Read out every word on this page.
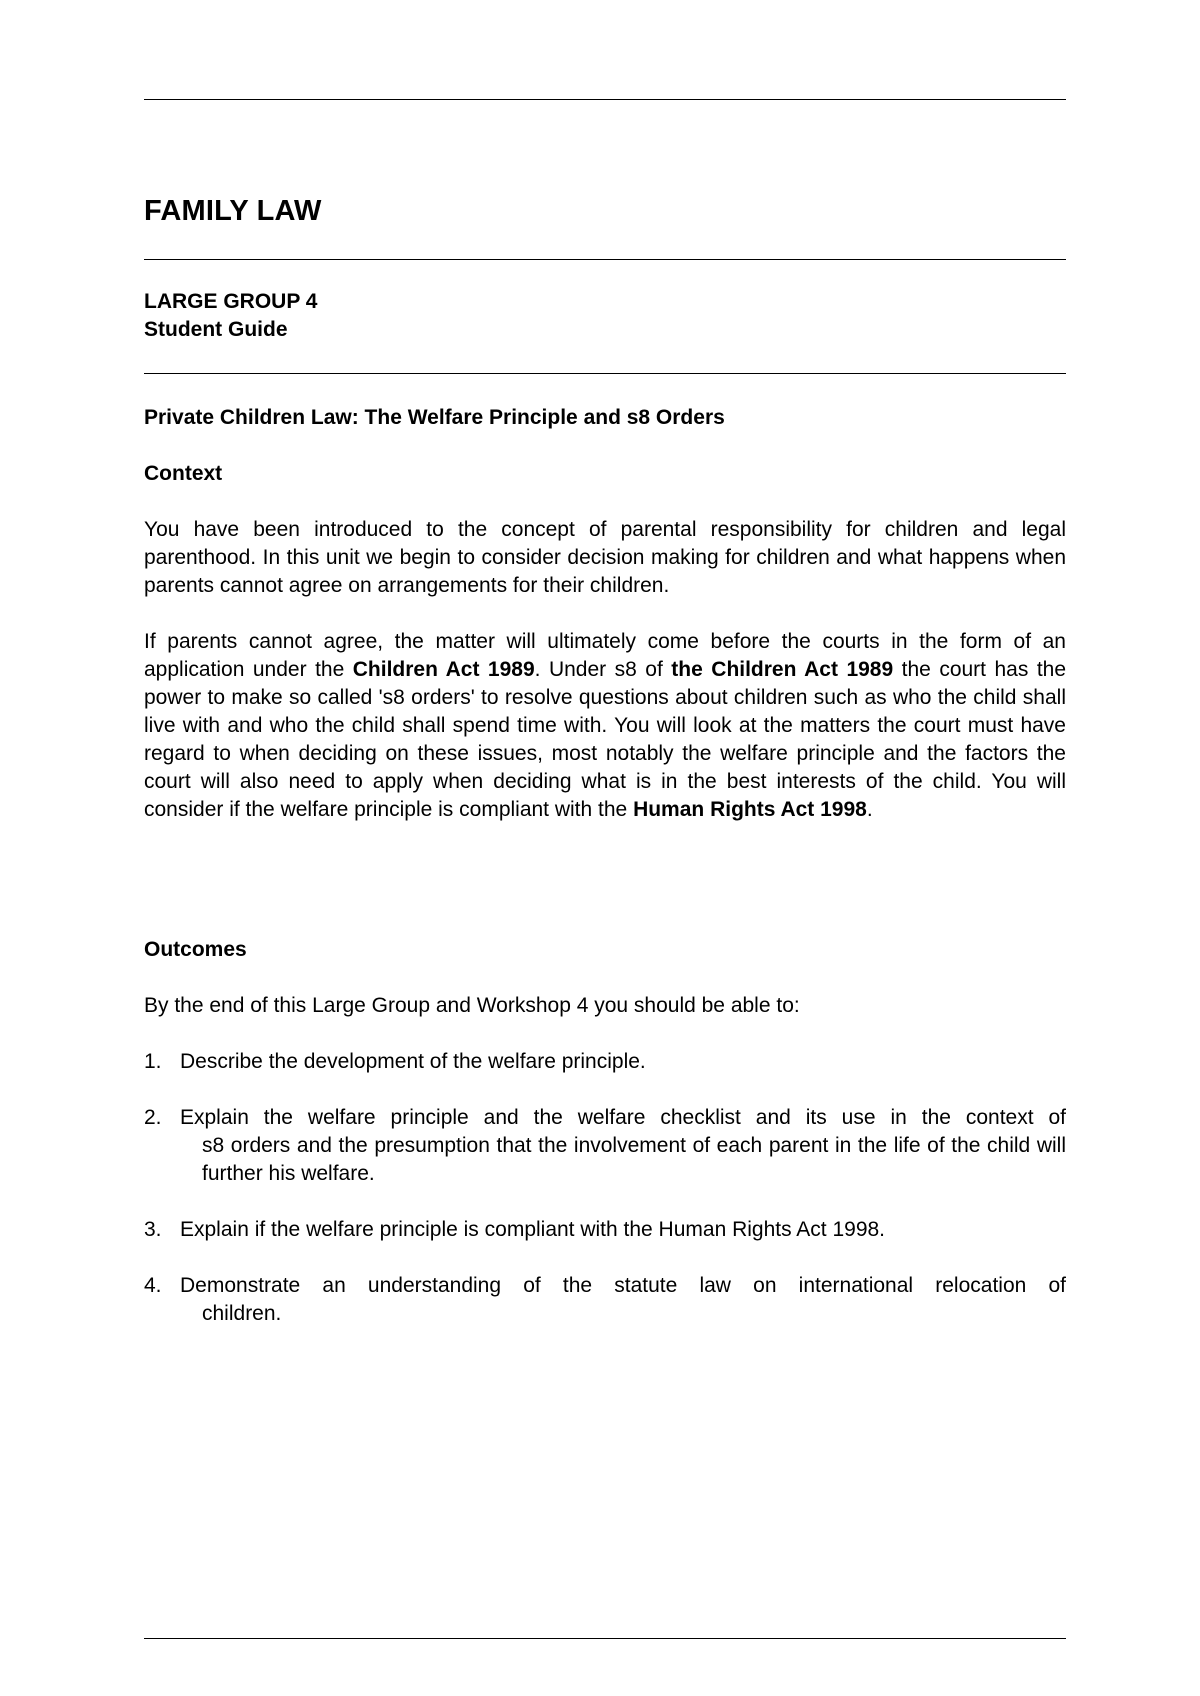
FAMILY LAW
LARGE GROUP 4
Student Guide
Private Children Law: The Welfare Principle and s8 Orders
Context
You have been introduced to the concept of parental responsibility for children and legal parenthood. In this unit we begin to consider decision making for children and what happens when parents cannot agree on arrangements for their children.
If parents cannot agree, the matter will ultimately come before the courts in the form of an application under the Children Act 1989. Under s8 of the Children Act 1989 the court has the power to make so called 's8 orders' to resolve questions about children such as who the child shall live with and who the child shall spend time with. You will look at the matters the court must have regard to when deciding on these issues, most notably the welfare principle and the factors the court will also need to apply when deciding what is in the best interests of the child. You will consider if the welfare principle is compliant with the Human Rights Act 1998.
Outcomes
By the end of this Large Group and Workshop 4 you should be able to:
1. Describe the development of the welfare principle.
2. Explain the welfare principle and the welfare checklist and its use in the context of
s8 orders and the presumption that the involvement of each parent in the life of the child will further his welfare.
3. Explain if the welfare principle is compliant with the Human Rights Act 1998.
4. Demonstrate an understanding of the statute law on international relocation of
children.
